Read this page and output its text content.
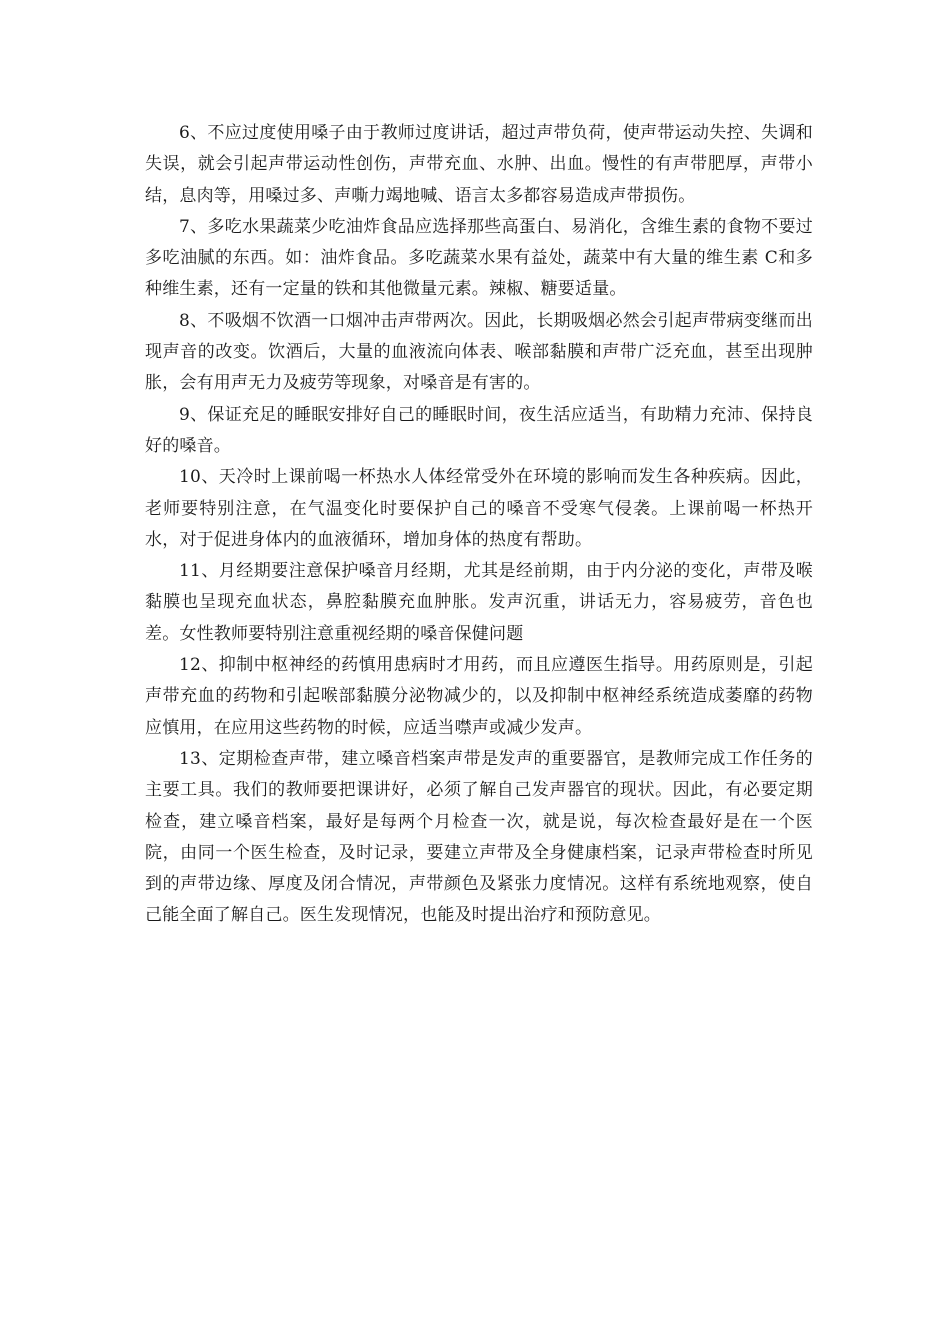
6、不应过度使用嗓子由于教师过度讲话，超过声带负荷，使声带运动失控、失调和失误，就会引起声带运动性创伤，声带充血、水肿、出血。慢性的有声带肥厚，声带小结，息肉等，用嗓过多、声嘶力竭地喊、语言太多都容易造成声带损伤。

7、多吃水果蔬菜少吃油炸食品应选择那些高蛋白、易消化，含维生素的食物不要过多吃油腻的东西。如：油炸食品。多吃蔬菜水果有益处，蔬菜中有大量的维生素 C和多种维生素，还有一定量的铁和其他微量元素。辣椒、糖要适量。

8、不吸烟不饮酒一口烟冲击声带两次。因此，长期吸烟必然会引起声带病变继而出现声音的改变。饮酒后，大量的血液流向体表、喉部黏膜和声带广泛充血，甚至出现肿胀，会有用声无力及疲劳等现象，对嗓音是有害的。

9、保证充足的睡眠安排好自己的睡眠时间，夜生活应适当，有助精力充沛、保持良好的嗓音。

10、天冷时上课前喝一杯热水人体经常受外在环境的影响而发生各种疾病。因此，老师要特别注意，在气温变化时要保护自己的嗓音不受寒气侵袭。上课前喝一杯热开水，对于促进身体内的血液循环，增加身体的热度有帮助。

11、月经期要注意保护嗓音月经期，尤其是经前期，由于内分泌的变化，声带及喉黏膜也呈现充血状态，鼻腔黏膜充血肿胀。发声沉重，讲话无力，容易疲劳，音色也差。女性教师要特别注意重视经期的嗓音保健问题

12、抑制中枢神经的药慎用患病时才用药，而且应遵医生指导。用药原则是，引起声带充血的药物和引起喉部黏膜分泌物减少的，以及抑制中枢神经系统造成萎靡的药物应慎用，在应用这些药物的时候，应适当噤声或减少发声。

13、定期检查声带，建立嗓音档案声带是发声的重要器官，是教师完成工作任务的主要工具。我们的教师要把课讲好，必须了解自己发声器官的现状。因此，有必要定期检查，建立嗓音档案，最好是每两个月检查一次，就是说，每次检查最好是在一个医院，由同一个医生检查，及时记录，要建立声带及全身健康档案，记录声带检查时所见到的声带边缘、厚度及闭合情况，声带颜色及紧张力度情况。这样有系统地观察，使自己能全面了解自己。医生发现情况，也能及时提出治疗和预防意见。
